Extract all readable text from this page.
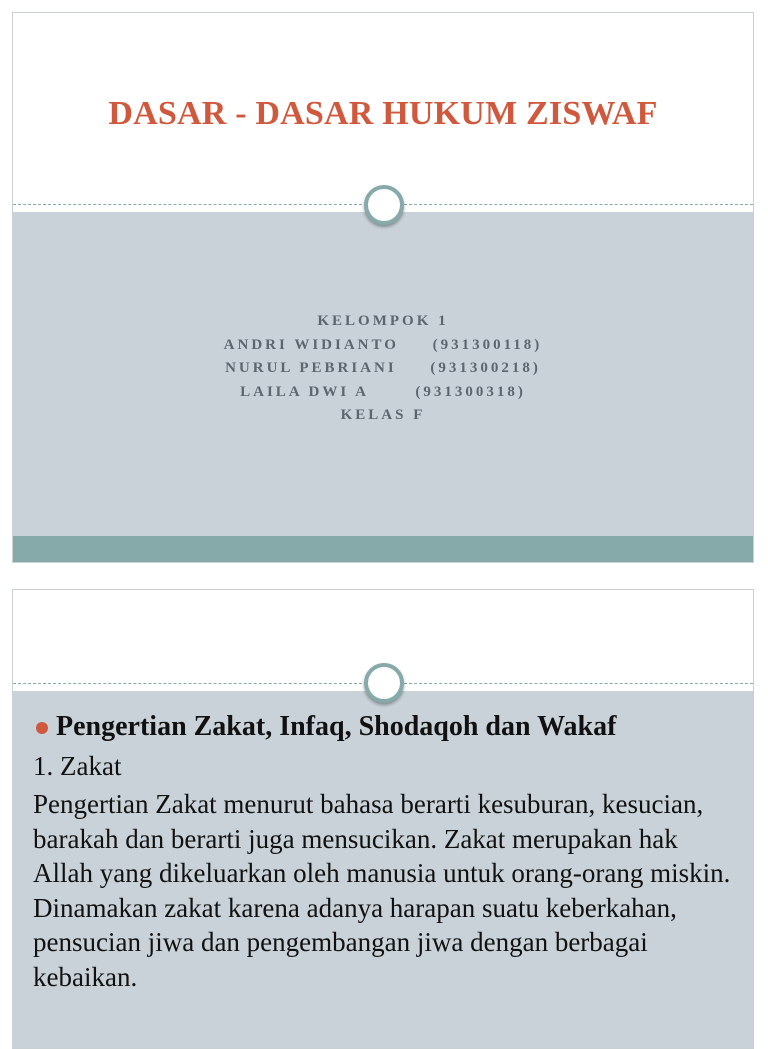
DASAR - DASAR HUKUM ZISWAF
KELOMPOK 1
ANDRI WIDIANTO     (931300118)
NURUL PEBRIANI     (931300218)
LAILA DWI A       (931300318)
KELAS F
Pengertian Zakat, Infaq, Shodaqoh dan Wakaf
1. Zakat
Pengertian Zakat menurut bahasa berarti kesuburan, kesucian, barakah dan berarti juga mensucikan. Zakat merupakan hak Allah yang dikeluarkan oleh manusia untuk orang-orang miskin. Dinamakan zakat karena adanya harapan suatu keberkahan, pensucian jiwa dan pengembangan jiwa dengan berbagai kebaikan.
